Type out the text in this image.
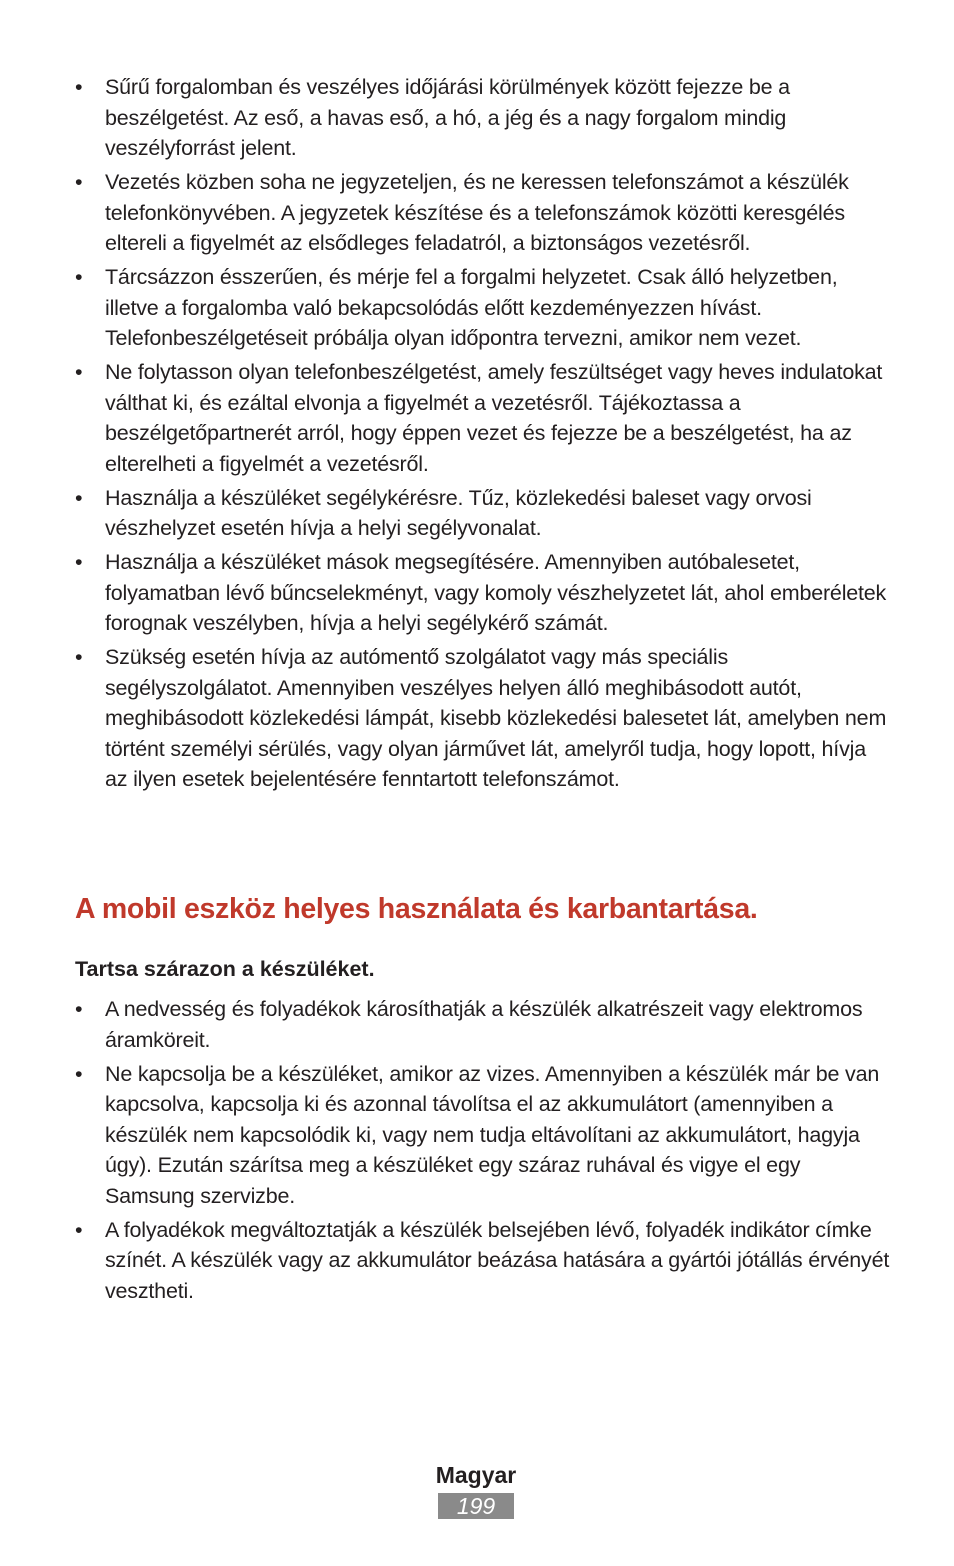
•	Sűrű forgalomban és veszélyes időjárási körülmények között fejezze be a beszélgetést. Az eső, a havas eső, a hó, a jég és a nagy forgalom mindig veszélyforrást jelent.
•	Vezetés közben soha ne jegyzeteljen, és ne keressen telefonszámot a készülék telefonkönyvében. A jegyzetek készítése és a telefonszámok közötti keresgélés eltereli a figyelmét az elsődleges feladatról, a biztonságos vezetésről.
•	Tárcsázzon ésszerűen, és mérje fel a forgalmi helyzetet. Csak álló helyzetben, illetve a forgalomba való bekapcsolódás előtt kezdeményezzen hívást. Telefonbeszélgetéseit próbálja olyan időpontra tervezni, amikor nem vezet.
•	Ne folytasson olyan telefonbeszélgetést, amely feszültséget vagy heves indulatokat válthat ki, és ezáltal elvonja a figyelmét a vezetésről. Tájékoztassa a beszélgetőpartnerét arról, hogy éppen vezet és fejezze be a beszélgetést, ha az elterelheti a figyelmét a vezetésről.
•	Használja a készüléket segélykérésre. Tűz, közlekedési baleset vagy orvosi vészhelyzet esetén hívja a helyi segélyvonalat.
•	Használja a készüléket mások megsegítésére. Amennyiben autóbalesetet, folyamatban lévő bűncselekményt, vagy komoly vészhelyzetet lát, ahol emberéletek forognak veszélyben, hívja a helyi segélykérő számát.
•	Szükség esetén hívja az autómentő szolgálatot vagy más speciális segélyszolgálatot. Amennyiben veszélyes helyen álló meghibásodott autót, meghibásodott közlekedési lámpát, kisebb közlekedési balesetet lát, amelyben nem történt személyi sérülés, vagy olyan járművet lát, amelyről tudja, hogy lopott, hívja az ilyen esetek bejelentésére fenntartott telefonszámot.
A mobil eszköz helyes használata és karbantartása.
Tartsa szárazon a készüléket.
•	A nedvesség és folyadékok károsíthatják a készülék alkatrészeit vagy elektromos áramköreit.
•	Ne kapcsolja be a készüléket, amikor az vizes. Amennyiben a készülék már be van kapcsolva, kapcsolja ki és azonnal távolítsa el az akkumulátort (amennyiben a készülék nem kapcsolódik ki, vagy nem tudja eltávolítani az akkumulátort, hagyja úgy). Ezután szárítsa meg a készüléket egy száraz ruhával és vigye el egy Samsung szervizbe.
•	A folyadékok megváltoztatják a készülék belsejében lévő, folyadék indikátor címke színét. A készülék vagy az akkumulátor beázása hatására a gyártói jótállás érvényét vesztheti.
Magyar
199
